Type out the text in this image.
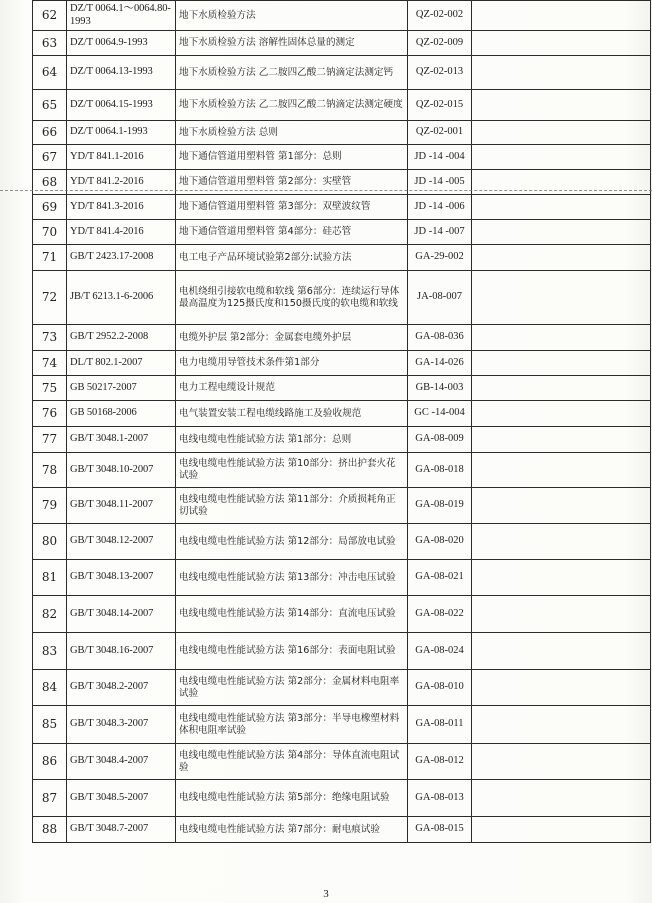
62	DZ/T 0064.1～0064.80-1993	地下水质检验方法	QZ-02-002	
63	DZ/T 0064.9-1993	地下水质检验方法 溶解性固体总量的测定	QZ-02-009	
64	DZ/T 0064.13-1993	地下水质检验方法 乙二胺四乙酸二钠滴定法测定钙	QZ-02-013	
65	DZ/T 0064.15-1993	地下水质检验方法 乙二胺四乙酸二钠滴定法测定硬度	QZ-02-015	
66	DZ/T 0064.1-1993	地下水质检验方法 总则	QZ-02-001	
67	YD/T 841.1-2016	地下通信管道用塑料管 第1部分：总则	JD -14 -004	
68	YD/T 841.2-2016	地下通信管道用塑料管 第2部分：实壁管	JD -14 -005	
69	YD/T 841.3-2016	地下通信管道用塑料管 第3部分：双壁波纹管	JD -14 -006	
70	YD/T 841.4-2016	地下通信管道用塑料管 第4部分：硅芯管	JD -14 -007	
71	GB/T 2423.17-2008	电工电子产品环境试验第2部分:试验方法	GA-29-002	
72	JB/T 6213.1-6-2006	电机绕组引接软电缆和软线 第6部分：连续运行导体最高温度为125摄氏度和150摄氏度的软电缆和软线	JA-08-007	
73	GB/T 2952.2-2008	电缆外护层 第2部分：金属套电缆外护层	GA-08-036	
74	DL/T 802.1-2007	电力电缆用导管技术条件第1部分	GA-14-026	
75	GB 50217-2007	电力工程电缆设计规范	GB-14-003	
76	GB 50168-2006	电气装置安装工程电缆线路施工及验收规范	GC -14-004	
77	GB/T 3048.1-2007	电线电缆电性能试验方法 第1部分：总则	GA-08-009	
78	GB/T 3048.10-2007	电线电缆电性能试验方法 第10部分：挤出护套火花试验	GA-08-018	
79	GB/T 3048.11-2007	电线电缆电性能试验方法 第11部分：介质损耗角正切试验	GA-08-019	
80	GB/T 3048.12-2007	电线电缆电性能试验方法 第12部分：局部放电试验	GA-08-020	
81	GB/T 3048.13-2007	电线电缆电性能试验方法 第13部分：冲击电压试验	GA-08-021	
82	GB/T 3048.14-2007	电线电缆电性能试验方法 第14部分：直流电压试验	GA-08-022	
83	GB/T 3048.16-2007	电线电缆电性能试验方法 第16部分：表面电阻试验	GA-08-024	
84	GB/T 3048.2-2007	电线电缆电性能试验方法 第2部分：金属材料电阻率试验	GA-08-010	
85	GB/T 3048.3-2007	电线电缆电性能试验方法 第3部分：半导电橡塑材料体积电阻率试验	GA-08-011	
86	GB/T 3048.4-2007	电线电缆电性能试验方法 第4部分：导体直流电阻试验	GA-08-012	
87	GB/T 3048.5-2007	电线电缆电性能试验方法 第5部分：绝缘电阻试验	GA-08-013	
88	GB/T 3048.7-2007	电线电缆电性能试验方法 第7部分：耐电痕试验	GA-08-015	
3
